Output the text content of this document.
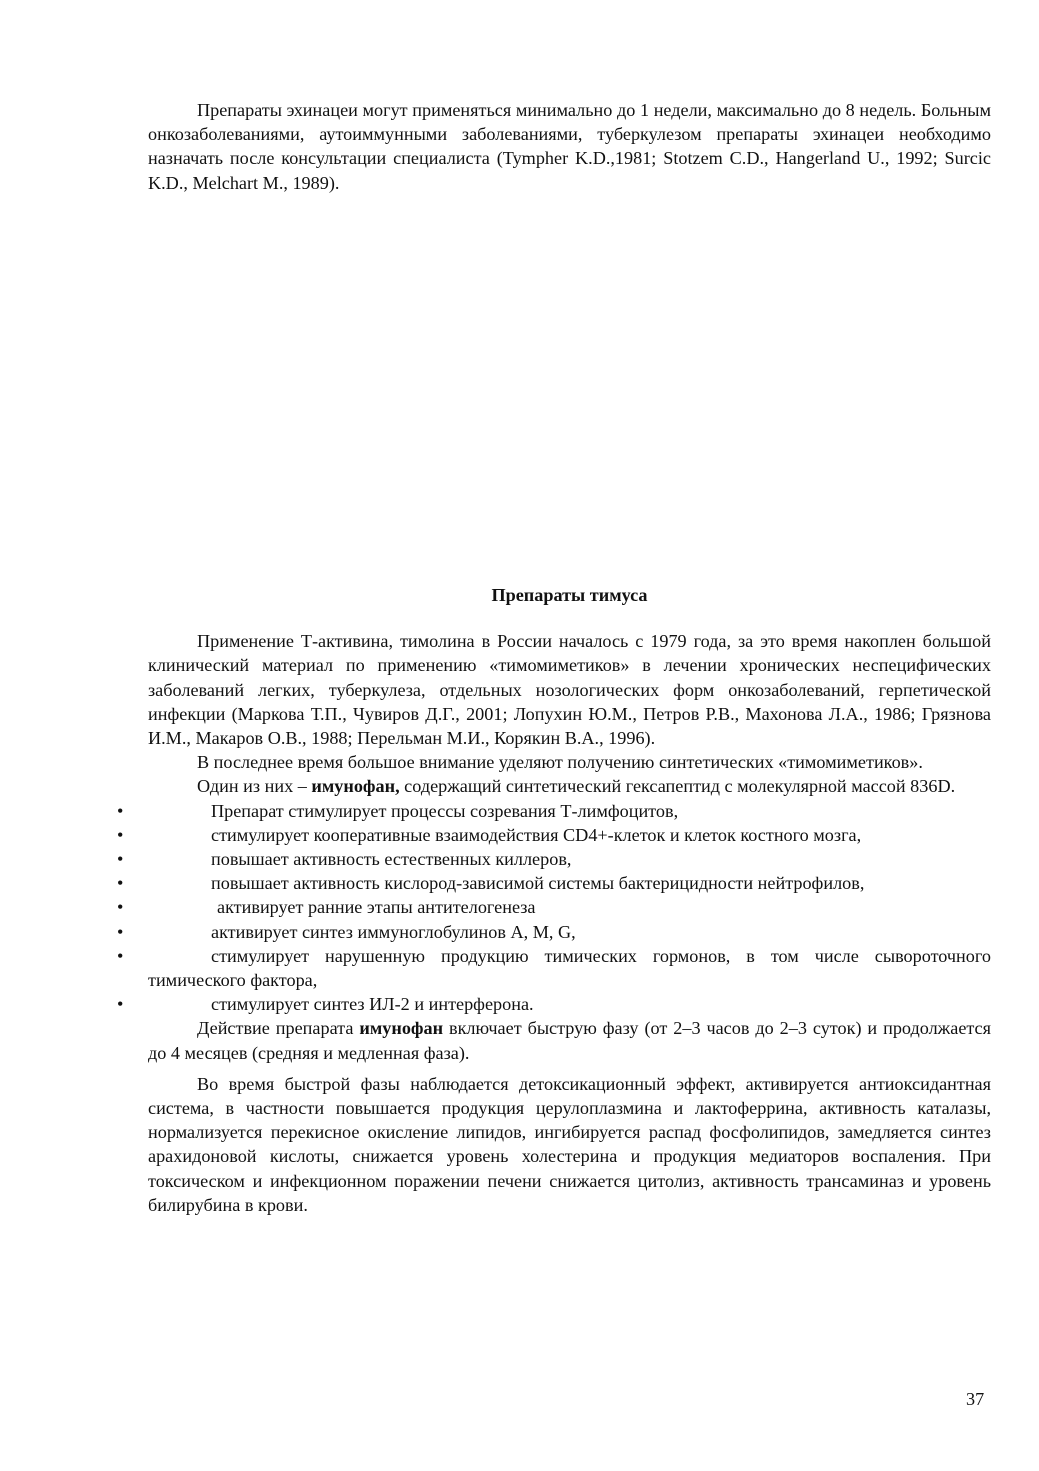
Препараты эхинацеи могут применяться минимально до 1 недели, максимально до 8 недель. Больным онкозаболеваниями, аутоиммунными заболеваниями, туберкулезом препараты эхинацеи необходимо назначать после консультации специалиста (Tympher K.D.,1981; Stotzem C.D., Hangerland U., 1992; Surcic K.D., Melchart M., 1989).

Препараты тимуса

Применение Т-активина, тимолина в России началось с 1979 года, за это время накоплен большой клинический материал по применению «тимомиметиков» в лечении хронических неспецифических заболеваний легких, туберкулеза, отдельных нозологических форм онкозаболеваний, герпетической инфекции (Маркова Т.П., Чувиров Д.Г., 2001; Лопухин Ю.М., Петров Р.В., Махонова Л.А., 1986; Грязнова И.М., Макаров О.В., 1988; Перельман М.И., Корякин В.А., 1996).

В последнее время большое внимание уделяют получению синтетических «тимомиметиков».

Один из них – имунофан, содержащий синтетический гексапептид с молекулярной массой 836D.

•	Препарат стимулирует процессы созревания Т-лимфоцитов,
•	стимулирует кооперативные взаимодействия CD4+-клеток и клеток костного мозга,
•	повышает активность естественных киллеров,
•	повышает активность кислород-зависимой системы бактерицидности нейтрофилов,
•	активирует ранние этапы антителогенеза
•	активирует синтез иммуноглобулинов A, M, G,
•	стимулирует нарушенную продукцию тимических гормонов, в том числе сывороточного тимического фактора,
•	стимулирует синтез ИЛ-2 и интерферона.

Действие препарата имунофан включает быструю фазу (от 2–3 часов до 2–3 суток) и продолжается до 4 месяцев (средняя и медленная фаза).

Во время быстрой фазы наблюдается детоксикационный эффект, активируется антиоксидантная система, в частности повышается продукция церулоплазмина и лактоферрина, активность каталазы, нормализуется перекисное окисление липидов, ингибируется распад фосфолипидов, замедляется синтез арахидоновой кислоты, снижается уровень холестерина и продукция медиаторов воспаления. При токсическом и инфекционном поражении печени снижается цитолиз, активность трансаминаз и уровень билирубина в крови.

37
